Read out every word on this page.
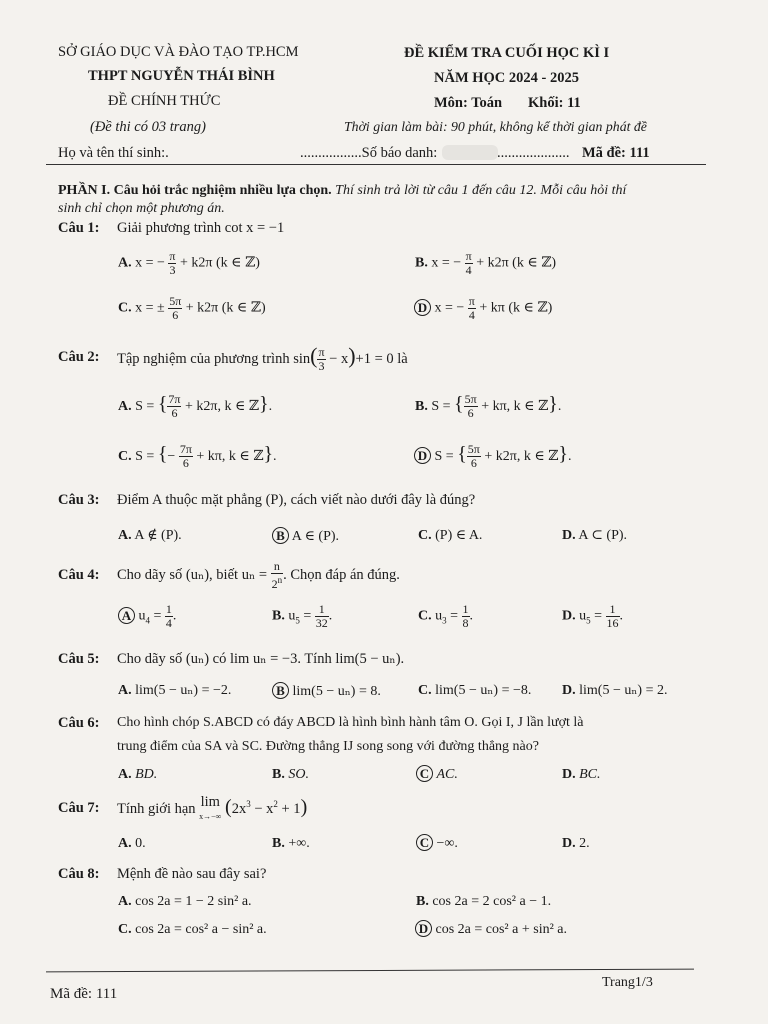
SỞ GIÁO DỤC VÀ ĐÀO TẠO TP.HCM
THPT NGUYỄN THÁI BÌNH
ĐỀ CHÍNH THỨC
(Đề thi có 03 trang)
ĐỀ KIỂM TRA CUỐI HỌC KÌ I
NĂM HỌC 2024 - 2025
Môn: Toán Khối: 11
Thời gian làm bài: 90 phút, không kể thời gian phát đề
Họ và tên thí sinh:.	.................Số báo danh:	.................... Mã đề: 111
PHẦN I. Câu hỏi trắc nghiệm nhiều lựa chọn. Thí sinh trả lời từ câu 1 đến câu 12. Mỗi câu hỏi thí
sinh chỉ chọn một phương án.
Câu 1: Giải phương trình cot x = −1
A. x = − $\frac{\pi}{3} + k2\pi$ (k ∈ ℤ)	B. x = − $\frac{\pi}{4} + k2\pi$ (k ∈ ℤ)
C. x = ± $\frac{5\pi}{6} + k2\pi$ (k ∈ ℤ)	D x = − $\frac{\pi}{4} + k\pi$ (k ∈ ℤ)
Câu 2: Tập nghiệm của phương trình $\sin( \frac{\pi}{3} - x)+1 = 0$ là
A. S = { $\frac{7\pi}{6} + k2\pi$, k ∈ ℤ}.	B. S = { $\frac{5\pi}{6} + k\pi$, k ∈ ℤ}.
C. S = {− $\frac{7\pi}{6} + k\pi$, k ∈ ℤ}.	D S = { $\frac{5\pi}{6} + k2\pi$, k ∈ ℤ}.
Câu 3: Điểm A thuộc mặt phẳng (P), cách viết nào dưới đây là đúng?
A. A ∉ (P).	B A ∈ (P).	C. (P) ∈ A.	D. A ⊂ (P).
Câu 4: Cho dãy số (uₙ), biết $u_n = \frac{n}{2^n}$ . Chọn đáp án đúng.
A $u_4 = \frac{1}{4}$ .	B. $u_5 = \frac{1}{32}$ .	C. $u_3 = \frac{1}{8}$ .	D. $u_5 = \frac{1}{16}$ .
Câu 5: Cho dãy số (uₙ) có lim uₙ = −3. Tính lim(5 − uₙ).
A. lim(5 − uₙ) = −2.	B lim(5 − uₙ) = 8.	C. lim(5 − uₙ) = −8. D. lim(5 − uₙ) = 2.
Câu 6: Cho hình chóp S.ABCD có đáy ABCD là hình bình hành tâm O. Gọi I, J lần lượt là
trung điểm của SA và SC. Đường thẳng IJ song song với đường thẳng nào?
A. BD.	B. SO.	C AC.	D. BC.
Câu 7: Tính giới hạn lim
x→−∞ $(2x^3 - x^2 + 1)$
A. 0.	B. +∞.	C −∞.	D. 2.
Câu 8: Mệnh đề nào sau đây sai?
A. cos 2a = 1 − 2 sin² a.	B. cos 2a = 2 cos² a − 1.
C. cos 2a = cos² a − sin² a.	D cos 2a = cos² a + sin² a.
Mã đề: 111
Trang1/3
